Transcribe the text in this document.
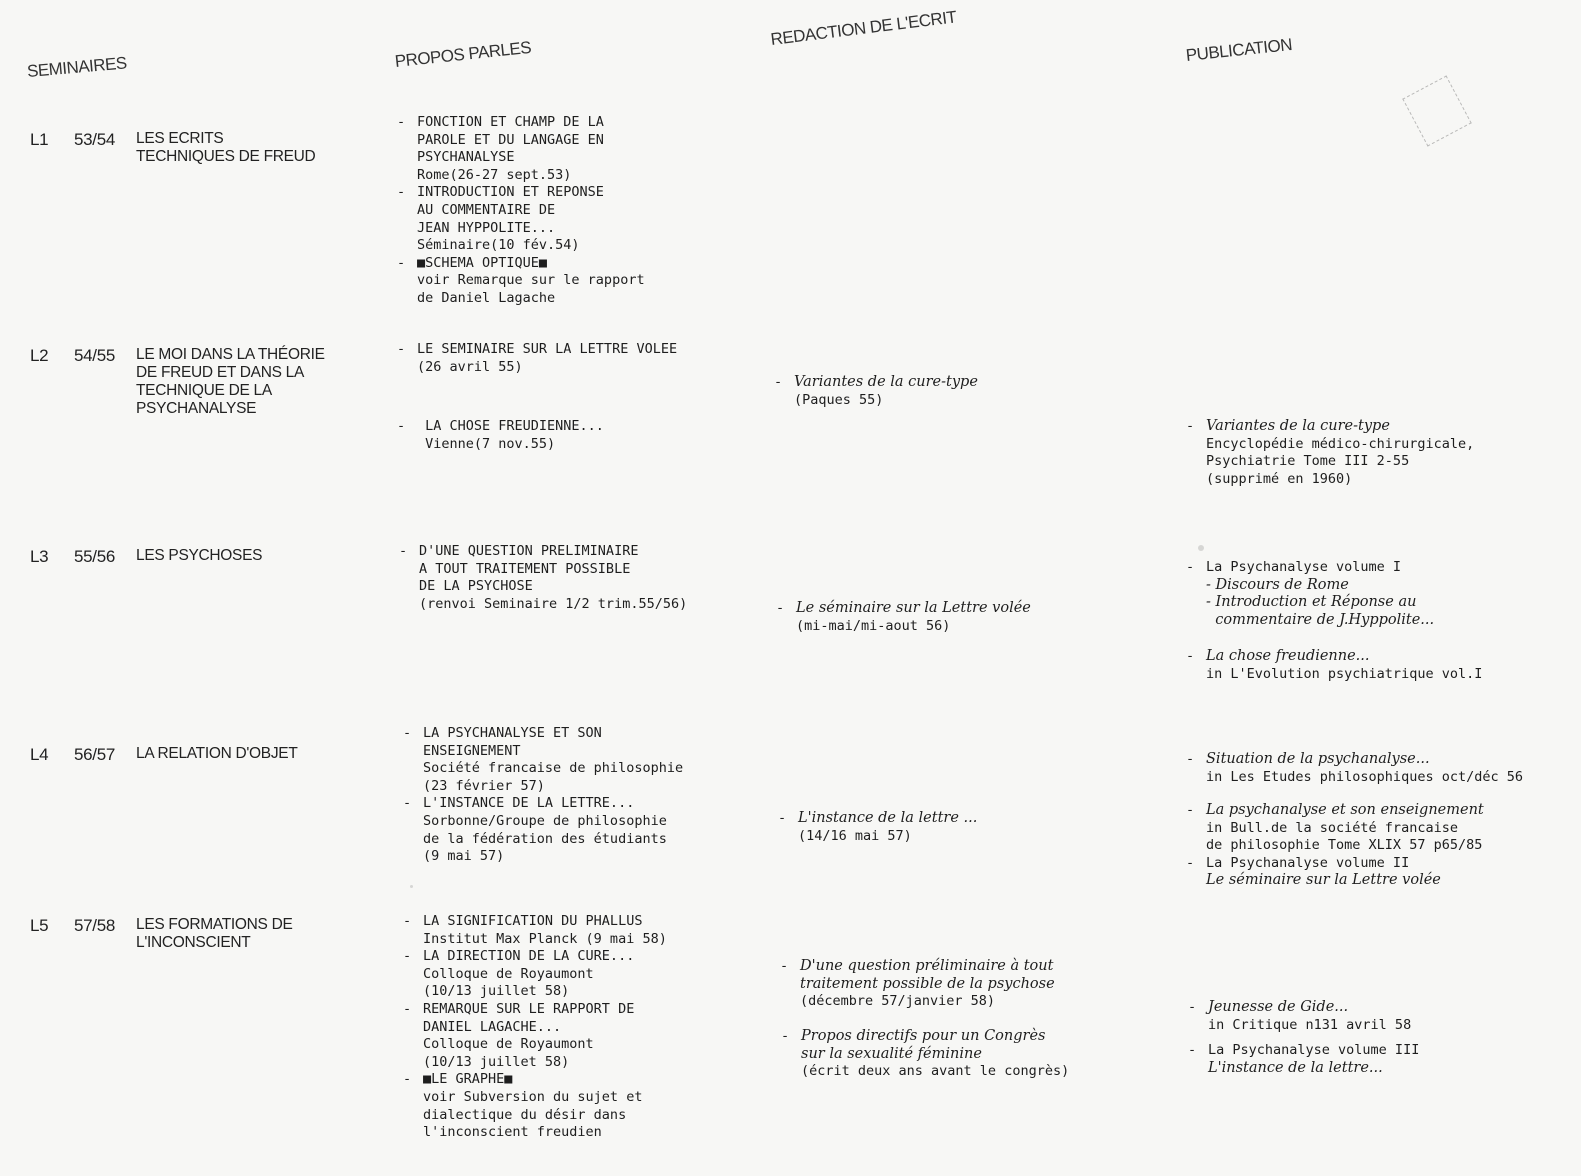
SEMINAIRES	PROPOS PARLES
REDACTION DE L'ECRIT
PUBLICATION
L1 53/54 LES ECRITS
TECHNIQUES DE FREUD
L2 54/55 LE MOI DANS LA THÉORIE
DE FREUD ET DANS LA
TECHNIQUE DE LA
PSYCHANALYSE
L3 55/56 LES PSYCHOSES
L4 56/57 LA RELATION D'OBJET
L5 57/58 LES FORMATIONS DE
L'INCONSCIENT
- FONCTION ET CHAMP DE LA
PAROLE ET DU LANGAGE EN
PSYCHANALYSE
Rome(26-27 sept.53)
- INTRODUCTION ET REPONSE
AU COMMENTAIRE DE
JEAN HYPPOLITE...
Séminaire(10 fév.54)
- ■SCHEMA OPTIQUE■
voir Remarque sur le rapport
de Daniel Lagache
- LE SEMINAIRE SUR LA LETTRE VOLEE
(26 avril 55)
- LA CHOSE FREUDIENNE...
Vienne(7 nov.55)
- D'UNE QUESTION PRELIMINAIRE
A TOUT TRAITEMENT POSSIBLE
DE LA PSYCHOSE
(renvoi Seminaire 1/2 trim.55/56)
- LA PSYCHANALYSE ET SON
ENSEIGNEMENT
Société francaise de philosophie
(23 février 57)
- L'INSTANCE DE LA LETTRE...
Sorbonne/Groupe de philosophie
de la fédération des étudiants
(9 mai 57)
- LA SIGNIFICATION DU PHALLUS
Institut Max Planck (9 mai 58)
- LA DIRECTION DE LA CURE...
Colloque de Royaumont
(10/13 juillet 58)
- REMARQUE SUR LE RAPPORT DE
DANIEL LAGACHE...
Colloque de Royaumont
(10/13 juillet 58)
- ■LE GRAPHE■
voir Subversion du sujet et
dialectique du désir dans
l'inconscient freudien
- Variantes de la cure-type
(Paques 55)
- Le séminaire sur la Lettre volée
(mi-mai/mi-aout 56)
- L'instance de la lettre ...
(14/16 mai 57)
- D'une question préliminaire à tout
traitement possible de la psychose
(décembre 57/janvier 58)
- Propos directifs pour un Congrès
sur la sexualité féminine
(écrit deux ans avant le congrès)
- Variantes de la cure-type
Encyclopédie médico-chirurgicale,
Psychiatrie Tome III 2-55
(supprimé en 1960)
- La Psychanalyse volume I
- Discours de Rome
- Introduction et Réponse au
commentaire de J.Hyppolite...
- La chose freudienne...
in L'Evolution psychiatrique vol.I
- Situation de la psychanalyse...
in Les Etudes philosophiques oct/déc 56
- La psychanalyse et son enseignement
in Bull.de la société francaise
de philosophie Tome XLIX 57 p65/85
- La Psychanalyse volume II
Le séminaire sur la Lettre volée
- Jeunesse de Gide...
in Critique n131 avril 58
- La Psychanalyse volume III
L'instance de la lettre...
